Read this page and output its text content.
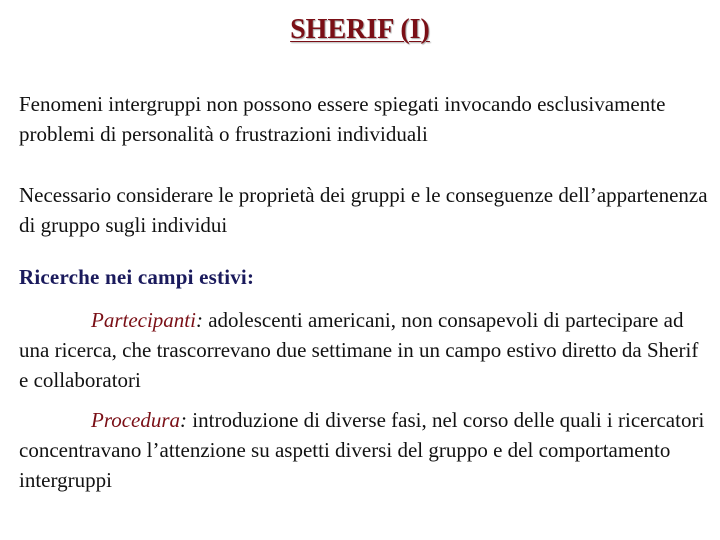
SHERIF (I)
Fenomeni intergruppi non possono essere spiegati invocando esclusivamente problemi di personalità o frustrazioni individuali
Necessario considerare le proprietà dei gruppi e le conseguenze dell’appartenenza di gruppo sugli individui
Ricerche nei campi estivi:
Partecipanti: adolescenti americani, non consapevoli di partecipare ad una ricerca, che trascorrevano due settimane in un campo estivo diretto da Sherif e collaboratori
Procedura: introduzione di diverse fasi, nel corso delle quali i ricercatori concentravano l’attenzione su aspetti diversi del gruppo e del comportamento intergruppi
